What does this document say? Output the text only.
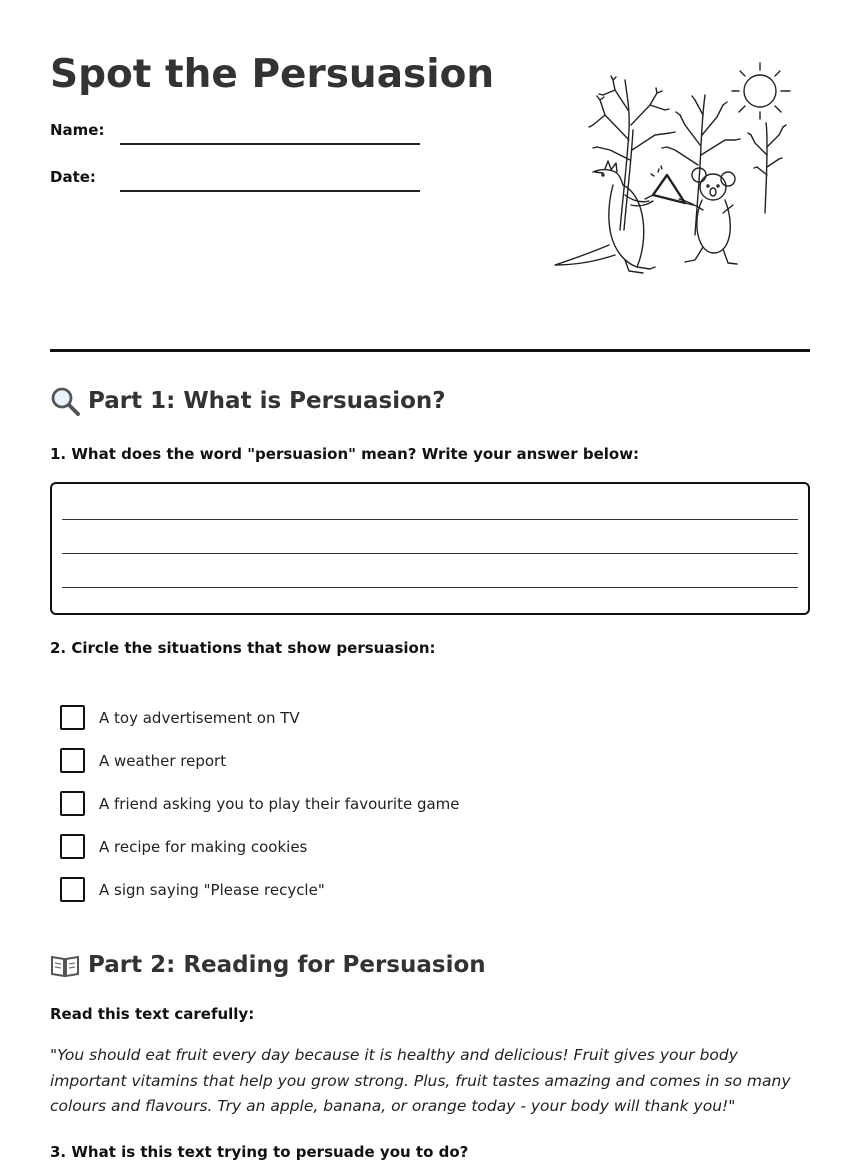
Spot the Persuasion
Name:
Date:
Part 1: What is Persuasion?
1. What does the word "persuasion" mean? Write your answer below:
2. Circle the situations that show persuasion:
A toy advertisement on TV
A weather report
A friend asking you to play their favourite game
A recipe for making cookies
A sign saying "Please recycle"
Part 2: Reading for Persuasion
Read this text carefully:

"You should eat fruit every day because it is healthy and delicious! Fruit gives your body important vitamins that help you grow strong. Plus, fruit tastes amazing and comes in so many colours and flavours. Try an apple, banana, or orange today - your body will thank you!"

3. What is this text trying to persuade you to do?
